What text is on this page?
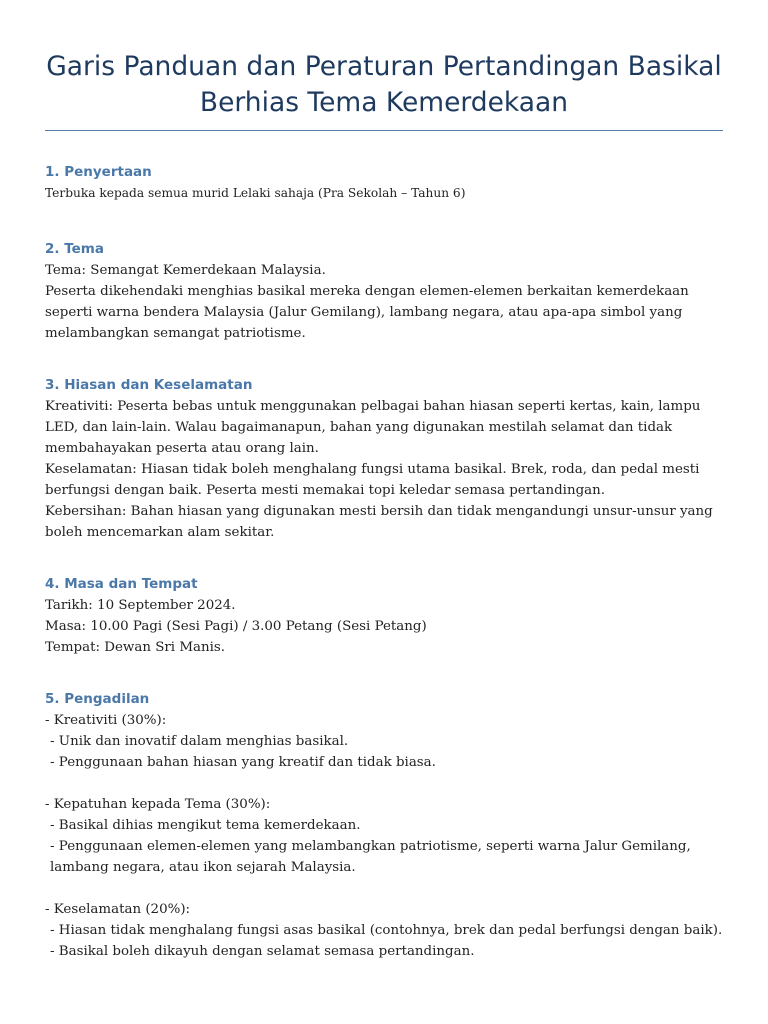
Garis Panduan dan Peraturan Pertandingan Basikal
Berhias Tema Kemerdekaan
1. Penyertaan

Terbuka kepada semua murid Lelaki sahaja (Pra Sekolah – Tahun 6)

2. Tema

Tema: Semangat Kemerdekaan Malaysia.

Peserta dikehendaki menghias basikal mereka dengan elemen-elemen berkaitan kemerdekaan seperti warna bendera Malaysia (Jalur Gemilang), lambang negara, atau apa-apa simbol yang melambangkan semangat patriotisme.

3. Hiasan dan Keselamatan

Kreativiti: Peserta bebas untuk menggunakan pelbagai bahan hiasan seperti kertas, kain, lampu LED, dan lain-lain. Walau bagaimanapun, bahan yang digunakan mestilah selamat dan tidak membahayakan peserta atau orang lain.

Keselamatan: Hiasan tidak boleh menghalang fungsi utama basikal. Brek, roda, dan pedal mesti berfungsi dengan baik. Peserta mesti memakai topi keledar semasa pertandingan.

Kebersihan: Bahan hiasan yang digunakan mesti bersih dan tidak mengandungi unsur-unsur yang boleh mencemarkan alam sekitar.

4. Masa dan Tempat

Tarikh: 10 September 2024.

Masa: 10.00 Pagi (Sesi Pagi) / 3.00 Petang (Sesi Petang)

Tempat: Dewan Sri Manis.

5. Pengadilan

- Kreativiti (30%):

- Unik dan inovatif dalam menghias basikal.

- Penggunaan bahan hiasan yang kreatif dan tidak biasa.

- Kepatuhan kepada Tema (30%):

- Basikal dihias mengikut tema kemerdekaan.

- Penggunaan elemen-elemen yang melambangkan patriotisme, seperti warna Jalur Gemilang, lambang negara, atau ikon sejarah Malaysia.

- Keselamatan (20%):

- Hiasan tidak menghalang fungsi asas basikal (contohnya, brek dan pedal berfungsi dengan baik).

- Basikal boleh dikayuh dengan selamat semasa pertandingan.
